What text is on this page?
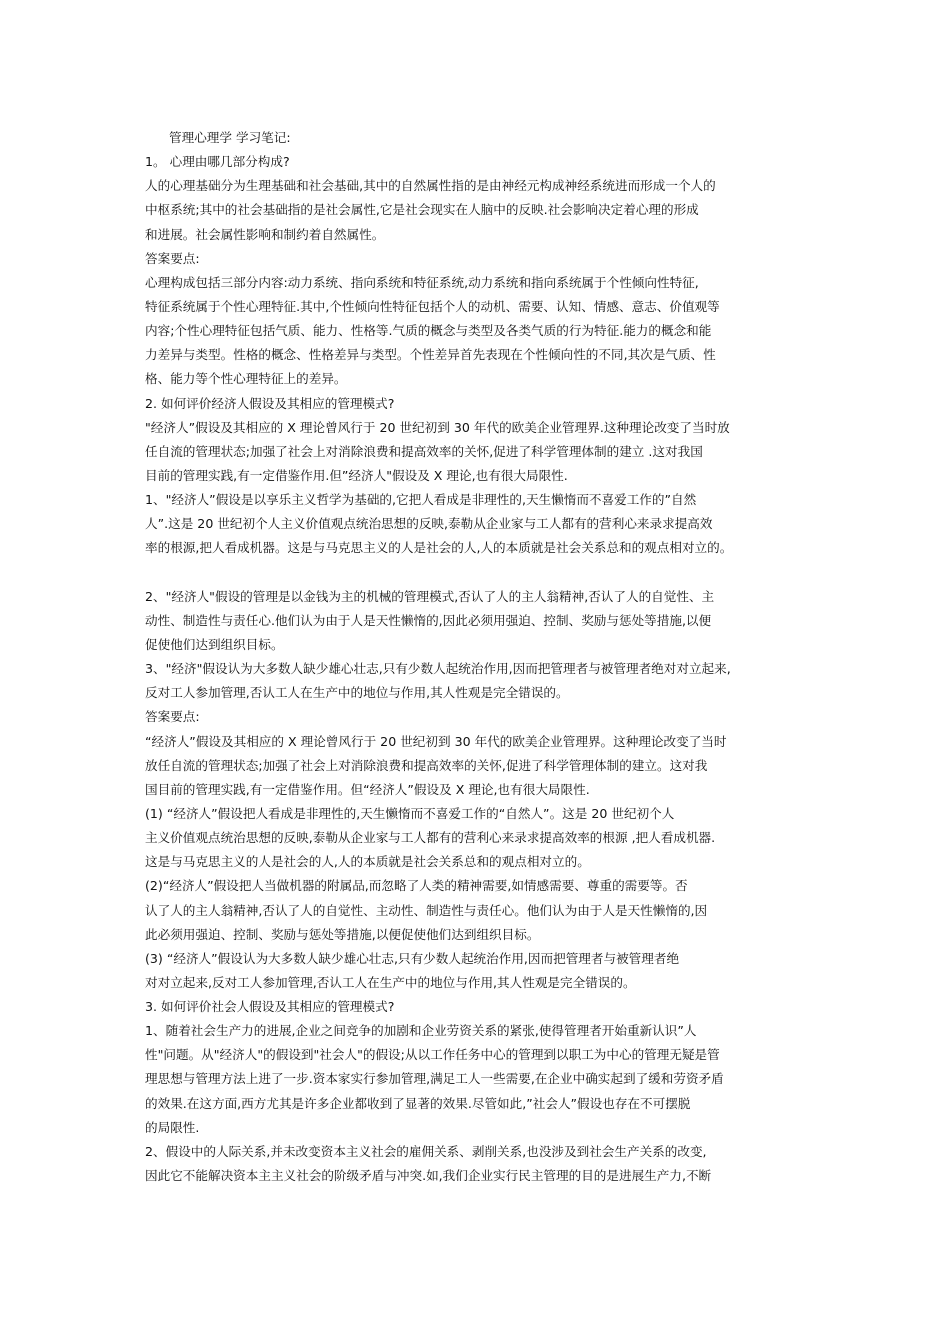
管理心理学 学习笔记:
1。 心理由哪几部分构成?
人的心理基础分为生理基础和社会基础,其中的自然属性指的是由神经元构成神经系统进而形成一个人的
中枢系统;其中的社会基础指的是社会属性,它是社会现实在人脑中的反映.社会影响决定着心理的形成
和进展。社会属性影响和制约着自然属性。
答案要点:
心理构成包括三部分内容:动力系统、指向系统和特征系统,动力系统和指向系统属于个性倾向性特征,
特征系统属于个性心理特征.其中,个性倾向性特征包括个人的动机、需要、认知、情感、意志、价值观等
内容;个性心理特征包括气质、能力、性格等.气质的概念与类型及各类气质的行为特征.能力的概念和能
力差异与类型。性格的概念、性格差异与类型。个性差异首先表现在个性倾向性的不同,其次是气质、性
格、能力等个性心理特征上的差异。
2. 如何评价经济人假设及其相应的管理模式?
"经济人”假设及其相应的 X 理论曾风行于 20 世纪初到 30 年代的欧美企业管理界.这种理论改变了当时放
任自流的管理状态;加强了社会上对消除浪费和提高效率的关怀,促进了科学管理体制的建立 .这对我国
目前的管理实践,有一定借鉴作用.但”经济人"假设及 X 理论,也有很大局限性.
1、"经济人”假设是以享乐主义哲学为基础的,它把人看成是非理性的,天生懒惰而不喜爱工作的”自然
人”.这是 20 世纪初个人主义价值观点统治思想的反映,泰勒从企业家与工人都有的营利心来录求提高效
率的根源,把人看成机器。这是与马克思主义的人是社会的人,人的本质就是社会关系总和的观点相对立的。
2、"经济人"假设的管理是以金钱为主的机械的管理模式,否认了人的主人翁精神,否认了人的自觉性、主
动性、制造性与责任心.他们认为由于人是天性懒惰的,因此必须用强迫、控制、奖励与惩处等措施,以便
促使他们达到组织目标。
3、"经济"假设认为大多数人缺少雄心壮志,只有少数人起统治作用,因而把管理者与被管理者绝对对立起来,
反对工人参加管理,否认工人在生产中的地位与作用,其人性观是完全错误的。
答案要点:
“经济人”假设及其相应的 X 理论曾风行于 20 世纪初到 30 年代的欧美企业管理界。这种理论改变了当时
放任自流的管理状态;加强了社会上对消除浪费和提高效率的关怀,促进了科学管理体制的建立。这对我
国目前的管理实践,有一定借鉴作用。但“经济人”假设及 X 理论,也有很大局限性.
(1) “经济人”假设把人看成是非理性的,天生懒惰而不喜爱工作的“自然人”。这是 20 世纪初个人
主义价值观点统治思想的反映,泰勒从企业家与工人都有的营利心来录求提高效率的根源 ,把人看成机器.
这是与马克思主义的人是社会的人,人的本质就是社会关系总和的观点相对立的。
(2)“经济人”假设把人当做机器的附属品,而忽略了人类的精神需要,如情感需要、尊重的需要等。否
认了人的主人翁精神,否认了人的自觉性、主动性、制造性与责任心。他们认为由于人是天性懒惰的,因
此必须用强迫、控制、奖励与惩处等措施,以便促使他们达到组织目标。
(3) “经济人”假设认为大多数人缺少雄心壮志,只有少数人起统治作用,因而把管理者与被管理者绝
对对立起来,反对工人参加管理,否认工人在生产中的地位与作用,其人性观是完全错误的。
3. 如何评价社会人假设及其相应的管理模式?
1、随着社会生产力的进展,企业之间竞争的加剧和企业劳资关系的紧张,使得管理者开始重新认识”人
性"问题。从"经济人"的假设到"社会人"的假设;从以工作任务中心的管理到以职工为中心的管理无疑是管
理思想与管理方法上进了一步.资本家实行参加管理,满足工人一些需要,在企业中确实起到了缓和劳资矛盾
的效果.在这方面,西方尤其是许多企业都收到了显著的效果.尽管如此,”社会人”假设也存在不可摆脱
的局限性.
2、假设中的人际关系,并未改变资本主义社会的雇佣关系、剥削关系,也没涉及到社会生产关系的改变,
因此它不能解决资本主主义社会的阶级矛盾与冲突.如,我们企业实行民主管理的目的是进展生产力,不断
